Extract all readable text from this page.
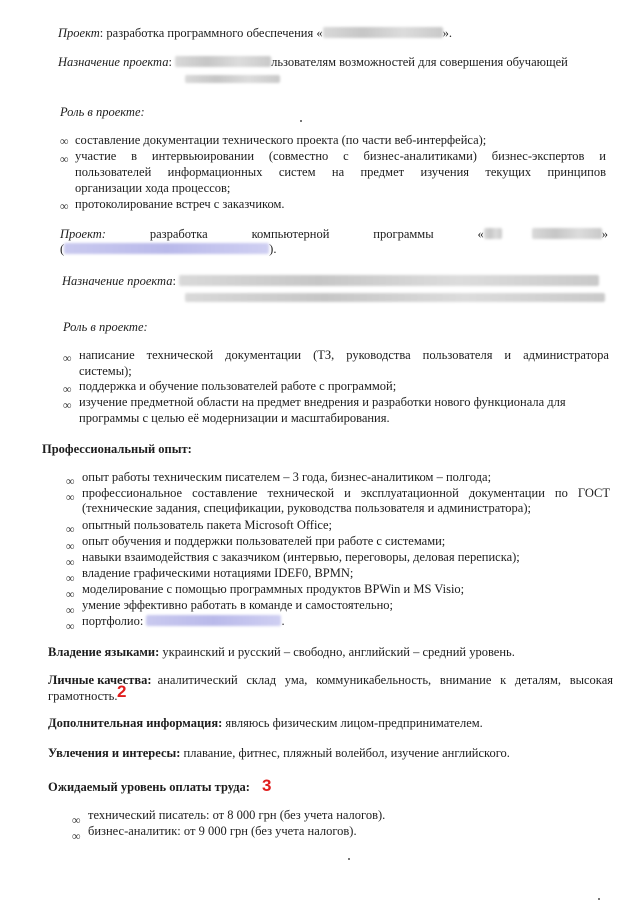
Проект: разработка программного обеспечения «	».
Назначение проекта:	льзователям возможностей для совершения обучающей
Роль в проекте:
∞ составление документации технического проекта (по части веб-интерфейса);
∞ участие в интервьюировании (совместно с бизнес-аналитиками) бизнес-экспертов и
пользователей информационных систем на предмет изучения текущих принципов
организации хода процессов;
∞ протоколирование встреч с заказчиком.
Проект:	разработка	компьютерной	программы	«	»
(	).
Назначение проекта:
Роль в проекте:
∞ написание технической документации (ТЗ, руководства пользователя и администратора
системы);
∞ поддержка и обучение пользователей работе с программой;
∞ изучение предметной области на предмет внедрения и разработки нового функционала для
программы с целью её модернизации и масштабирования.
Профессиональный опыт:
∞ опыт работы техническим писателем – 3 года, бизнес-аналитиком – полгода;
∞ профессиональное составление технической и эксплуатационной документации по ГОСТ
(технические задания, спецификации, руководства пользователя и администратора);
∞ опытный пользователь пакета Microsoft Office;
∞ опыт обучения и поддержки пользователей при работе с системами;
∞ навыки взаимодействия с заказчиком (интервью, переговоры, деловая переписка);
∞ владение графическими нотациями IDEF0, BPMN;
∞ моделирование с помощью программных продуктов BPWin и MS Visio;
∞ умение эффективно работать в команде и самостоятельно;
∞ портфолио:	.
Владение языками: украинский и русский – свободно, английский – средний уровень.
Личные качества: аналитический склад ума, коммуникабельность, внимание к деталям, высокая
грамотность. 2
Дополнительная информация: являюсь физическим лицом-предпринимателем.
Увлечения и интересы: плавание, фитнес, пляжный волейбол, изучение английского.
Ожидаемый уровень оплаты труда: 3
∞ технический писатель: от 8 000 грн (без учета налогов).
∞ бизнес-аналитик: от 9 000 грн (без учета налогов).
